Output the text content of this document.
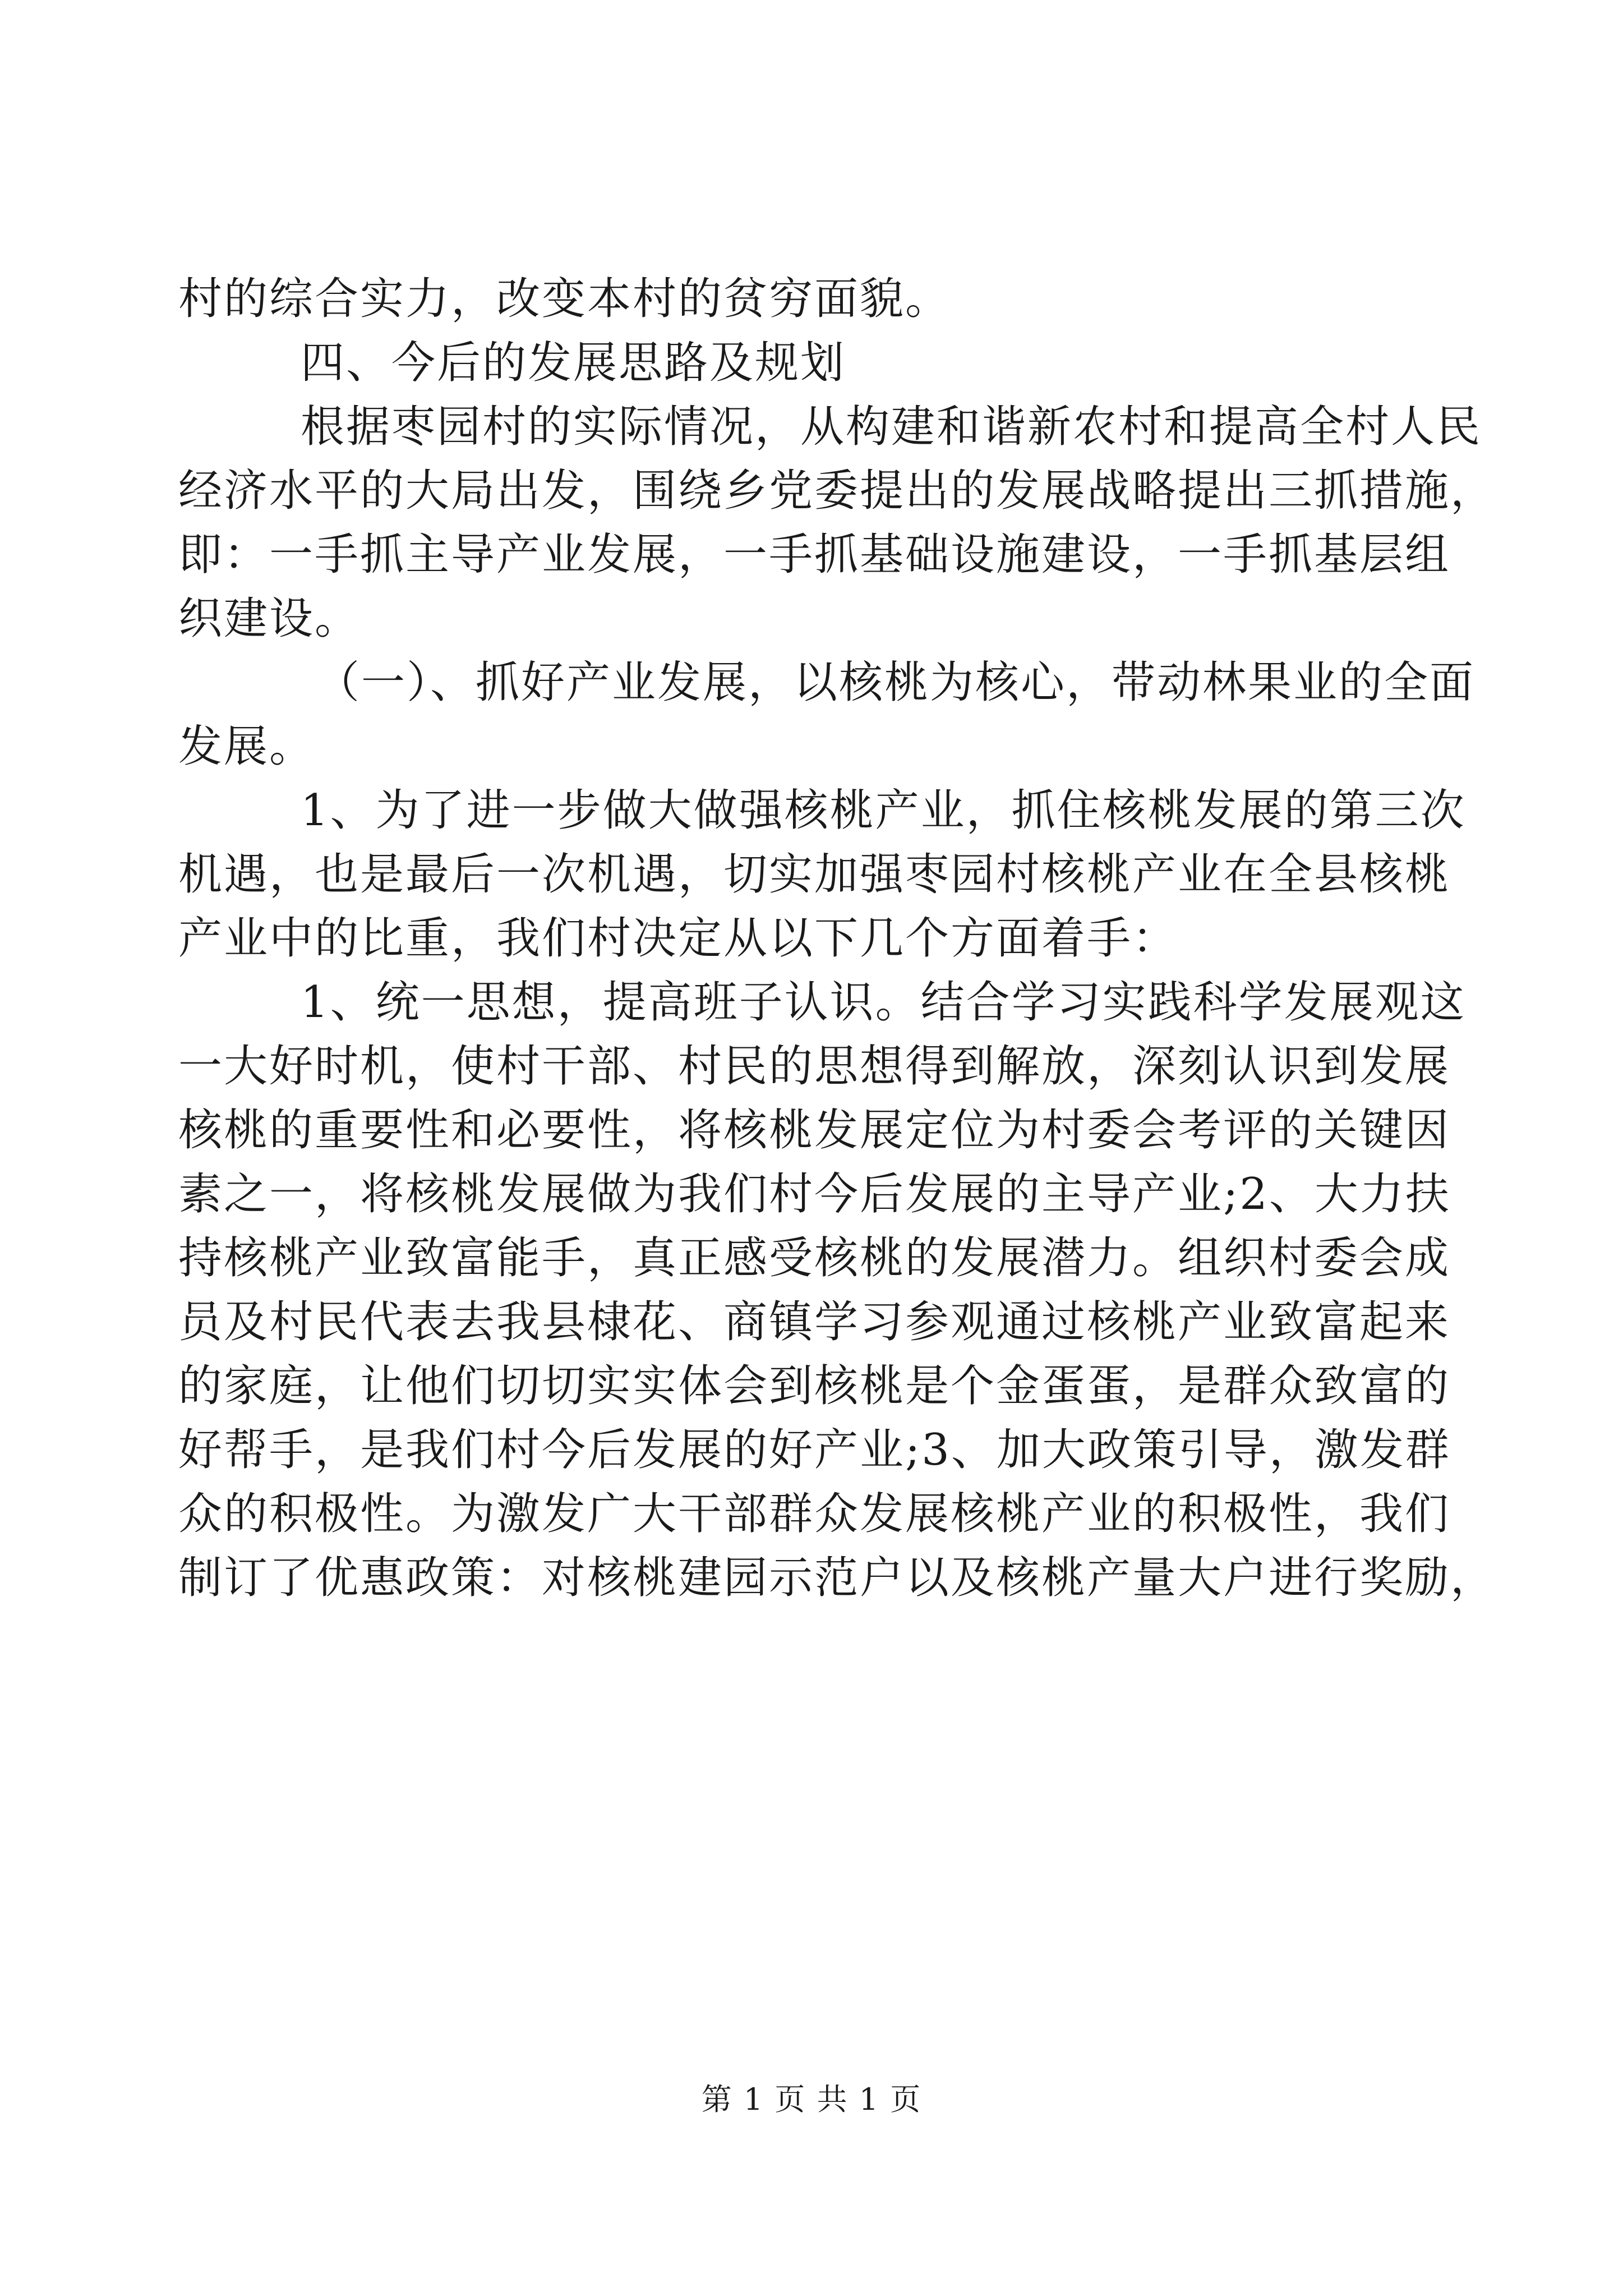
村的综合实力，改变本村的贫穷面貌。
四、今后的发展思路及规划
根据枣园村的实际情况，从构建和谐新农村和提高全村人民
经济水平的大局出发，围绕乡党委提出的发展战略提出三抓措施，
即：一手抓主导产业发展，一手抓基础设施建设，一手抓基层组
织建设。
（一）、抓好产业发展，以核桃为核心，带动林果业的全面
发展。
1、为了进一步做大做强核桃产业，抓住核桃发展的第三次
机遇，也是最后一次机遇，切实加强枣园村核桃产业在全县核桃
产业中的比重，我们村决定从以下几个方面着手：
1、统一思想，提高班子认识。结合学习实践科学发展观这
一大好时机，使村干部、村民的思想得到解放，深刻认识到发展
核桃的重要性和必要性，将核桃发展定位为村委会考评的关键因
素之一，将核桃发展做为我们村今后发展的主导产业;2、大力扶
持核桃产业致富能手，真正感受核桃的发展潜力。组织村委会成
员及村民代表去我县棣花、商镇学习参观通过核桃产业致富起来
的家庭，让他们切切实实体会到核桃是个金蛋蛋，是群众致富的
好帮手，是我们村今后发展的好产业;3、加大政策引导，激发群
众的积极性。为激发广大干部群众发展核桃产业的积极性，我们
制订了优惠政策：对核桃建园示范户以及核桃产量大户进行奖励，
第 1 页 共 1 页
